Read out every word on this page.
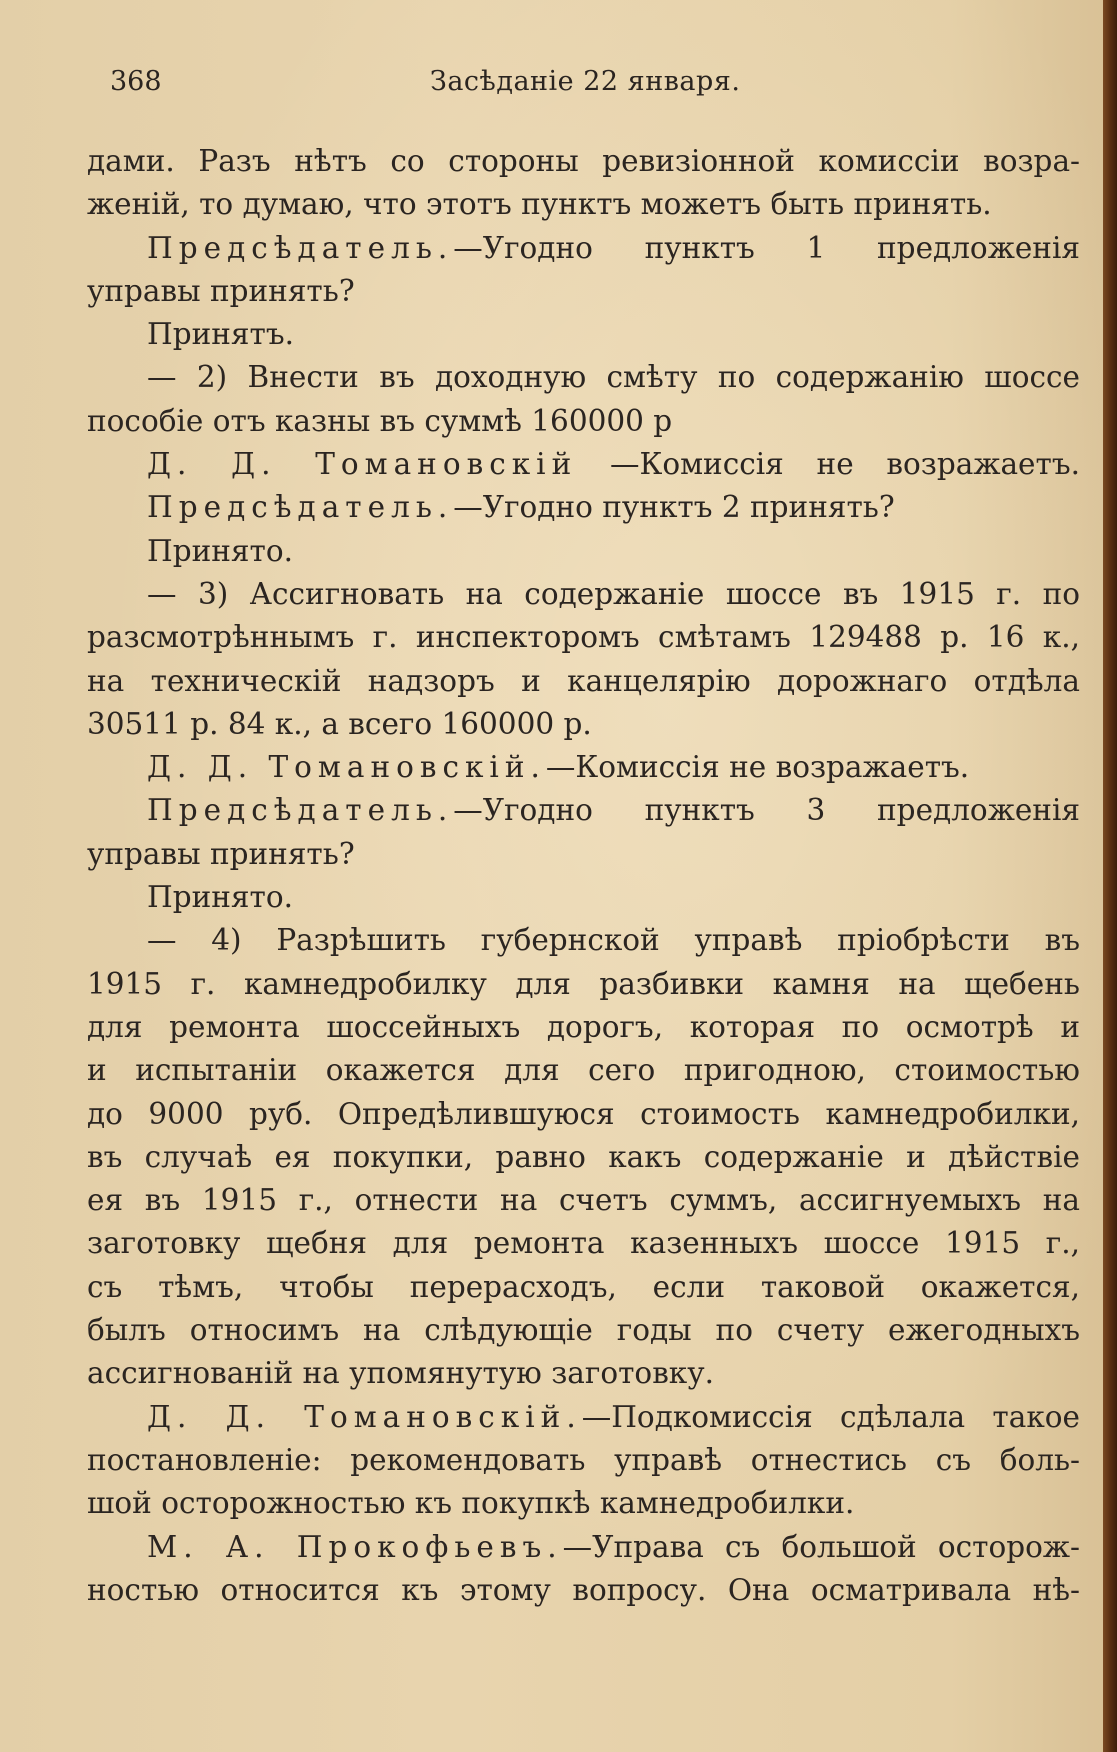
368	Засѣданіе 22 января.
дами. Разъ нѣтъ со стороны ревизіонной комиссіи возра-
женій, то думаю, что этотъ пунктъ можетъ быть принять.
Предсѣдатель.—Угодно пунктъ 1 предложенія
управы принять?
Принятъ.
— 2) Внести въ доходную смѣту по содержанію шоссе
пособіе отъ казны въ суммѣ 160000 р
Д. Д. Томановскій —Комиссія не возражаетъ.
Предсѣдатель.—Угодно пунктъ 2 принять?
Принято.
— 3) Ассигновать на содержаніе шоссе въ 1915 г. по
разсмотрѣннымъ г. инспекторомъ смѣтамъ 129488 р. 16 к.,
на техническій надзоръ и канцелярію дорожнаго отдѣла
30511 р. 84 к., а всего 160000 р.
Д. Д. Томановскій.—Комиссія не возражаетъ.
Предсѣдатель.—Угодно пунктъ 3 предложенія
управы принять?
Принято.
— 4) Разрѣшить губернской управѣ пріобрѣсти въ
1915 г. камнедробилку для разбивки камня на щебень
для ремонта шоссейныхъ дорогъ, которая по осмотрѣ и
и испытаніи окажется для сего пригодною, стоимостью
до 9000 руб. Опредѣлившуюся стоимость камнедробилки,
въ случаѣ ея покупки, равно какъ содержаніе и дѣйствіе
ея въ 1915 г., отнести на счетъ суммъ, ассигнуемыхъ на
заготовку щебня для ремонта казенныхъ шоссе 1915 г.,
съ тѣмъ, чтобы перерасходъ, если таковой окажется,
былъ относимъ на слѣдующіе годы по счету ежегодныхъ
ассигнованій на упомянутую заготовку.
Д. Д. Томановскій.—Подкомиссія сдѣлала такое
постановленіе: рекомендовать управѣ отнестись съ боль-
шой осторожностью къ покупкѣ камнедробилки.
М. А. Прокофьевъ.—Управа съ большой осторож-
ностью относится къ этому вопросу. Она осматривала нѣ-
